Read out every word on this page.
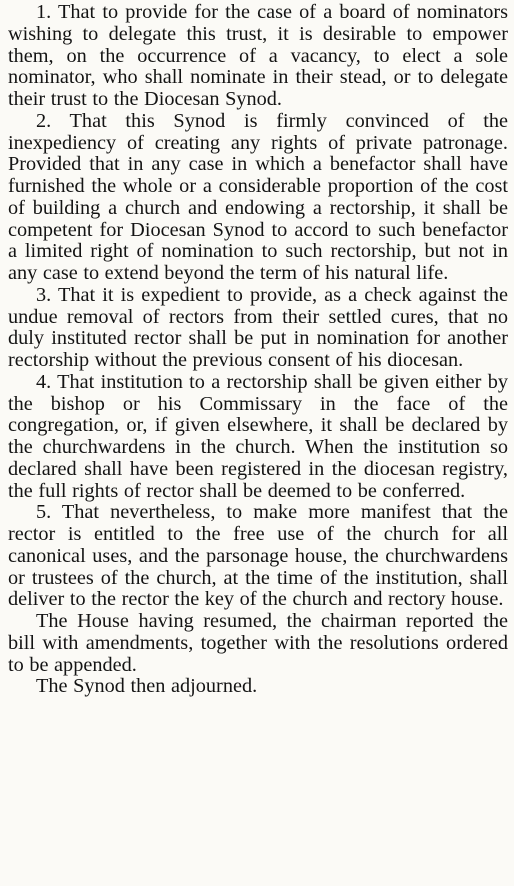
1. That to provide for the case of a board of nominators wishing to delegate this trust, it is desirable to empower them, on the occurrence of a vacancy, to elect a sole nominator, who shall nominate in their stead, or to delegate their trust to the Diocesan Synod.

2. That this Synod is firmly convinced of the inexpediency of creating any rights of private patronage. Provided that in any case in which a benefactor shall have furnished the whole or a considerable proportion of the cost of building a church and endowing a rectorship, it shall be competent for Diocesan Synod to accord to such benefactor a limited right of nomination to such rectorship, but not in any case to extend beyond the term of his natural life.

3. That it is expedient to provide, as a check against the undue removal of rectors from their settled cures, that no duly instituted rector shall be put in nomination for another rectorship without the previous consent of his diocesan.

4. That institution to a rectorship shall be given either by the bishop or his Commissary in the face of the congregation, or, if given elsewhere, it shall be declared by the churchwardens in the church. When the institution so declared shall have been registered in the diocesan registry, the full rights of rector shall be deemed to be conferred.

5. That nevertheless, to make more manifest that the rector is entitled to the free use of the church for all canonical uses, and the parsonage house, the churchwardens or trustees of the church, at the time of the institution, shall deliver to the rector the key of the church and rectory house.

The House having resumed, the chairman reported the bill with amendments, together with the resolutions ordered to be appended.

The Synod then adjourned.
